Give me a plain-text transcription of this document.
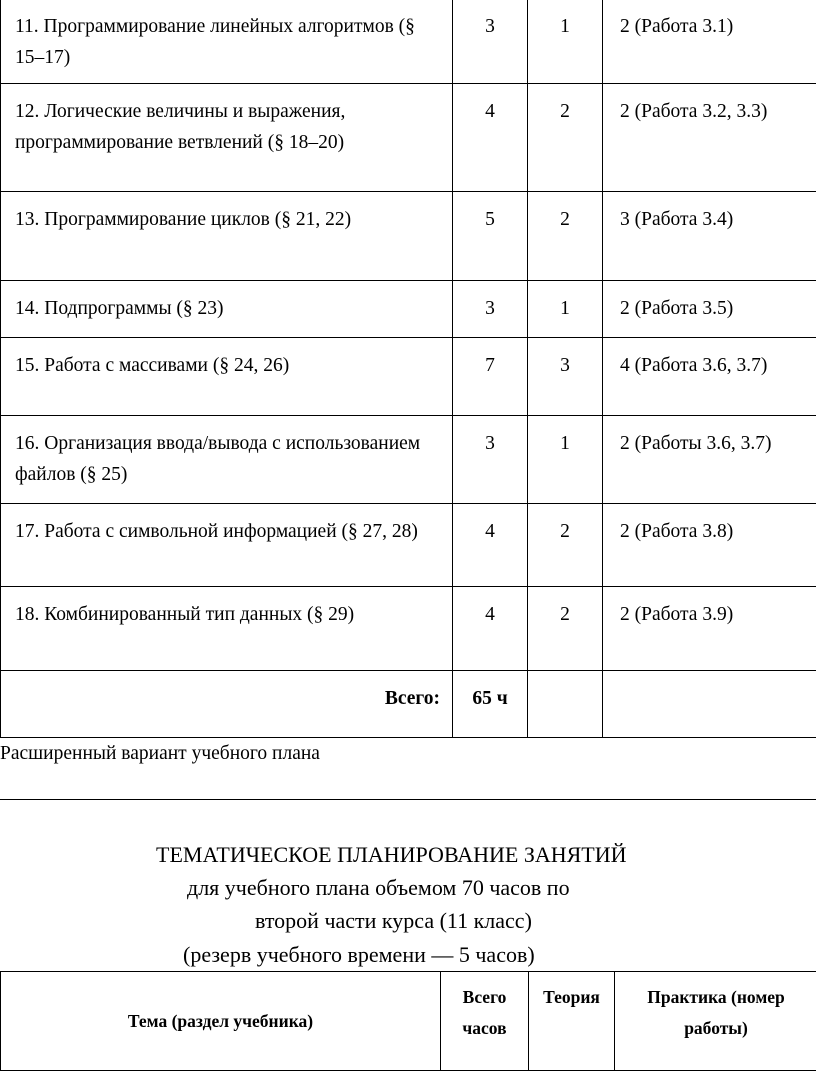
11. Программирование линейных алгоритмов (§ 15–17)	3	1	2 (Работа 3.1)
12. Логические величины и выражения, программирование ветвлений (§ 18–20)	4	2	2 (Работа 3.2, 3.3)
13. Программирование циклов (§ 21, 22)	5	2	3 (Работа 3.4)
14. Подпрограммы (§ 23)	3	1	2 (Работа 3.5)
15. Работа с массивами (§ 24, 26)	7	3	4 (Работа 3.6, 3.7)
16. Организация ввода/вывода с использованием файлов (§ 25)	3	1	2 (Работы 3.6, 3.7)
17. Работа с символьной информацией (§ 27, 28)	4	2	2 (Работа 3.8)
18. Комбинированный тип данных (§ 29)	4	2	2 (Работа 3.9)
Всего:	65 ч		
Расширенный вариант учебного плана
ТЕМАТИЧЕСКОЕ ПЛАНИРОВАНИЕ ЗАНЯТИЙ
для учебного плана объемом 70 часов по
второй части курса (11 класс)
(резерв учебного времени — 5 часов)
Тема (раздел учебника)	Всего часов	Теория	Практика (номер работы)
